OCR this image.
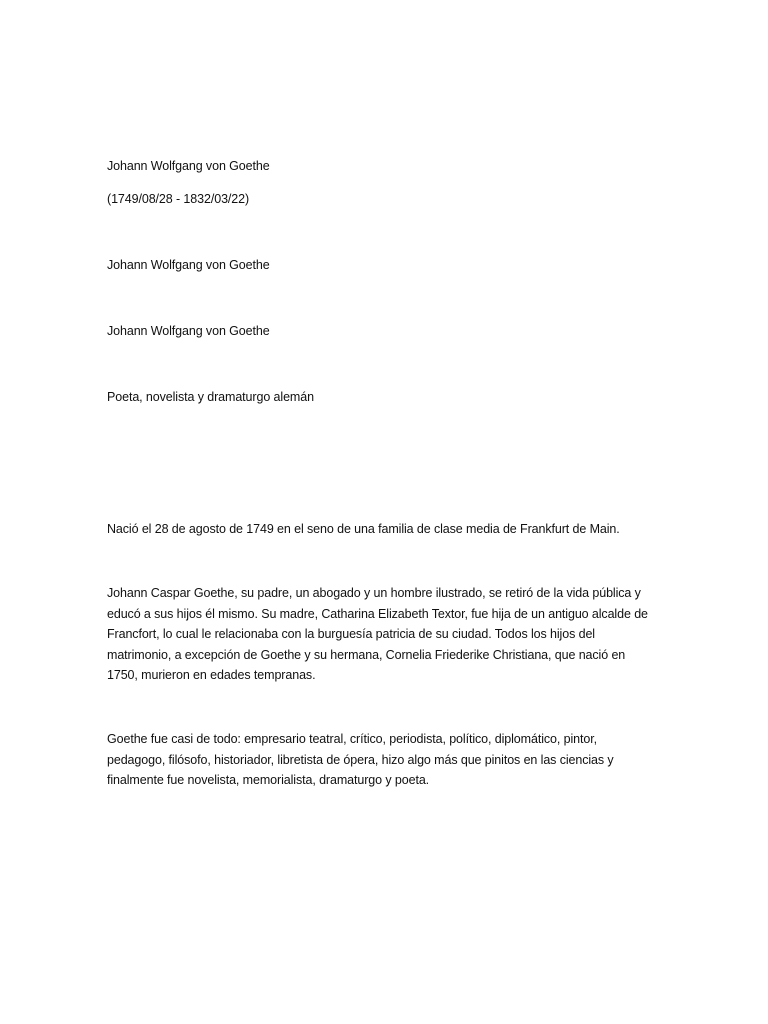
Johann Wolfgang von Goethe

(1749/08/28 - 1832/03/22)

Johann Wolfgang von Goethe

Johann Wolfgang von Goethe

Poeta, novelista y dramaturgo alemán

Nació el 28 de agosto de 1749 en el seno de una familia de clase media de Frankfurt de Main.

Johann Caspar Goethe, su padre, un abogado y un hombre ilustrado, se retiró de la vida pública y
educó a sus hijos él mismo. Su madre, Catharina Elizabeth Textor, fue hija de un antiguo alcalde de
Francfort, lo cual le relacionaba con la burguesía patricia de su ciudad. Todos los hijos del
matrimonio, a excepción de Goethe y su hermana, Cornelia Friederike Christiana, que nació en
1750, murieron en edades tempranas.
Goethe fue casi de todo: empresario teatral, crítico, periodista, político, diplomático, pintor,
pedagogo, filósofo, historiador, libretista de ópera, hizo algo más que pinitos en las ciencias y
finalmente fue novelista, memorialista, dramaturgo y poeta.
